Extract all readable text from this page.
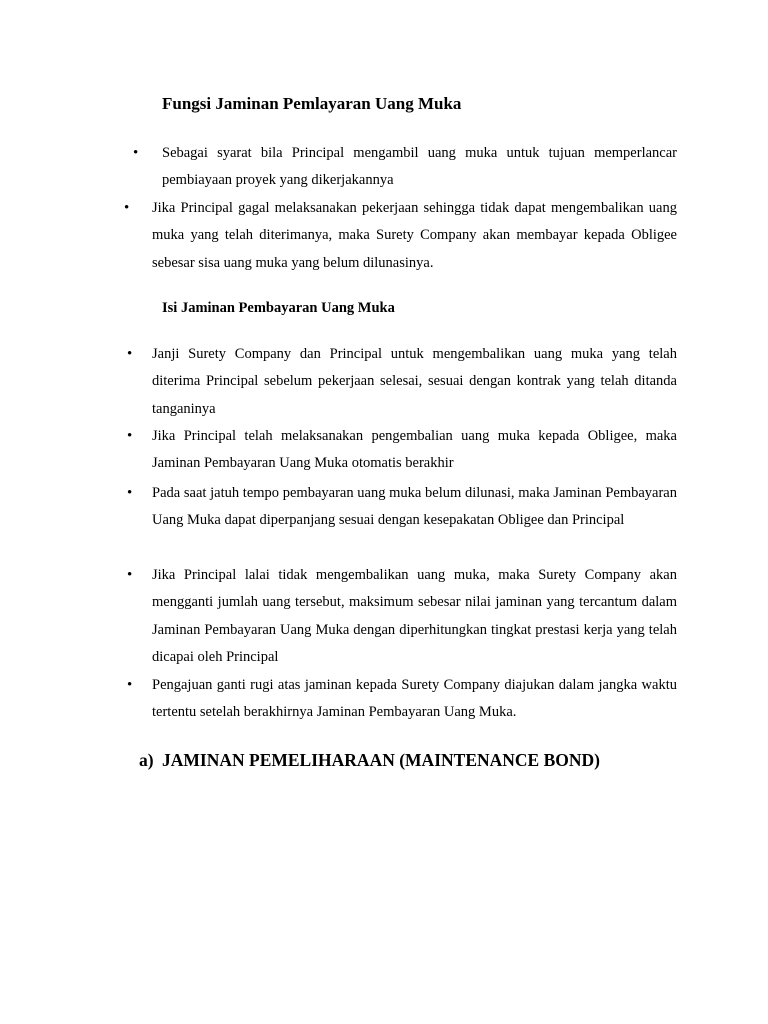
Fungsi Jaminan Pemlayaran Uang Muka
• Sebagai syarat bila Principal mengambil uang muka untuk tujuan memperlancar pembiayaan proyek yang dikerjakannya
• Jika Principal gagal melaksanakan pekerjaan sehingga tidak dapat mengembalikan uang muka yang telah diterimanya, maka Surety Company akan membayar kepada Obligee sebesar sisa uang muka yang belum dilunasinya.
Isi Jaminan Pembayaran Uang Muka
• Janji Surety Company dan Principal untuk mengembalikan uang muka yang telah diterima Principal sebelum pekerjaan selesai, sesuai dengan kontrak yang telah ditanda tanganinya
• Jika Principal telah melaksanakan pengembalian uang muka kepada Obligee, maka Jaminan Pembayaran Uang Muka otomatis berakhir
• Pada saat jatuh tempo pembayaran uang muka belum dilunasi, maka Jaminan Pembayaran Uang Muka dapat diperpanjang sesuai dengan kesepakatan Obligee dan Principal
• Jika Principal lalai tidak mengembalikan uang muka, maka Surety Company akan mengganti jumlah uang tersebut, maksimum sebesar nilai jaminan yang tercantum dalam Jaminan Pembayaran Uang Muka dengan diperhitungkan tingkat prestasi kerja yang telah dicapai oleh Principal
• Pengajuan ganti rugi atas jaminan kepada Surety Company diajukan dalam jangka waktu tertentu setelah berakhirnya Jaminan Pembayaran Uang Muka.
a) JAMINAN PEMELIHARAAN (MAINTENANCE BOND)
